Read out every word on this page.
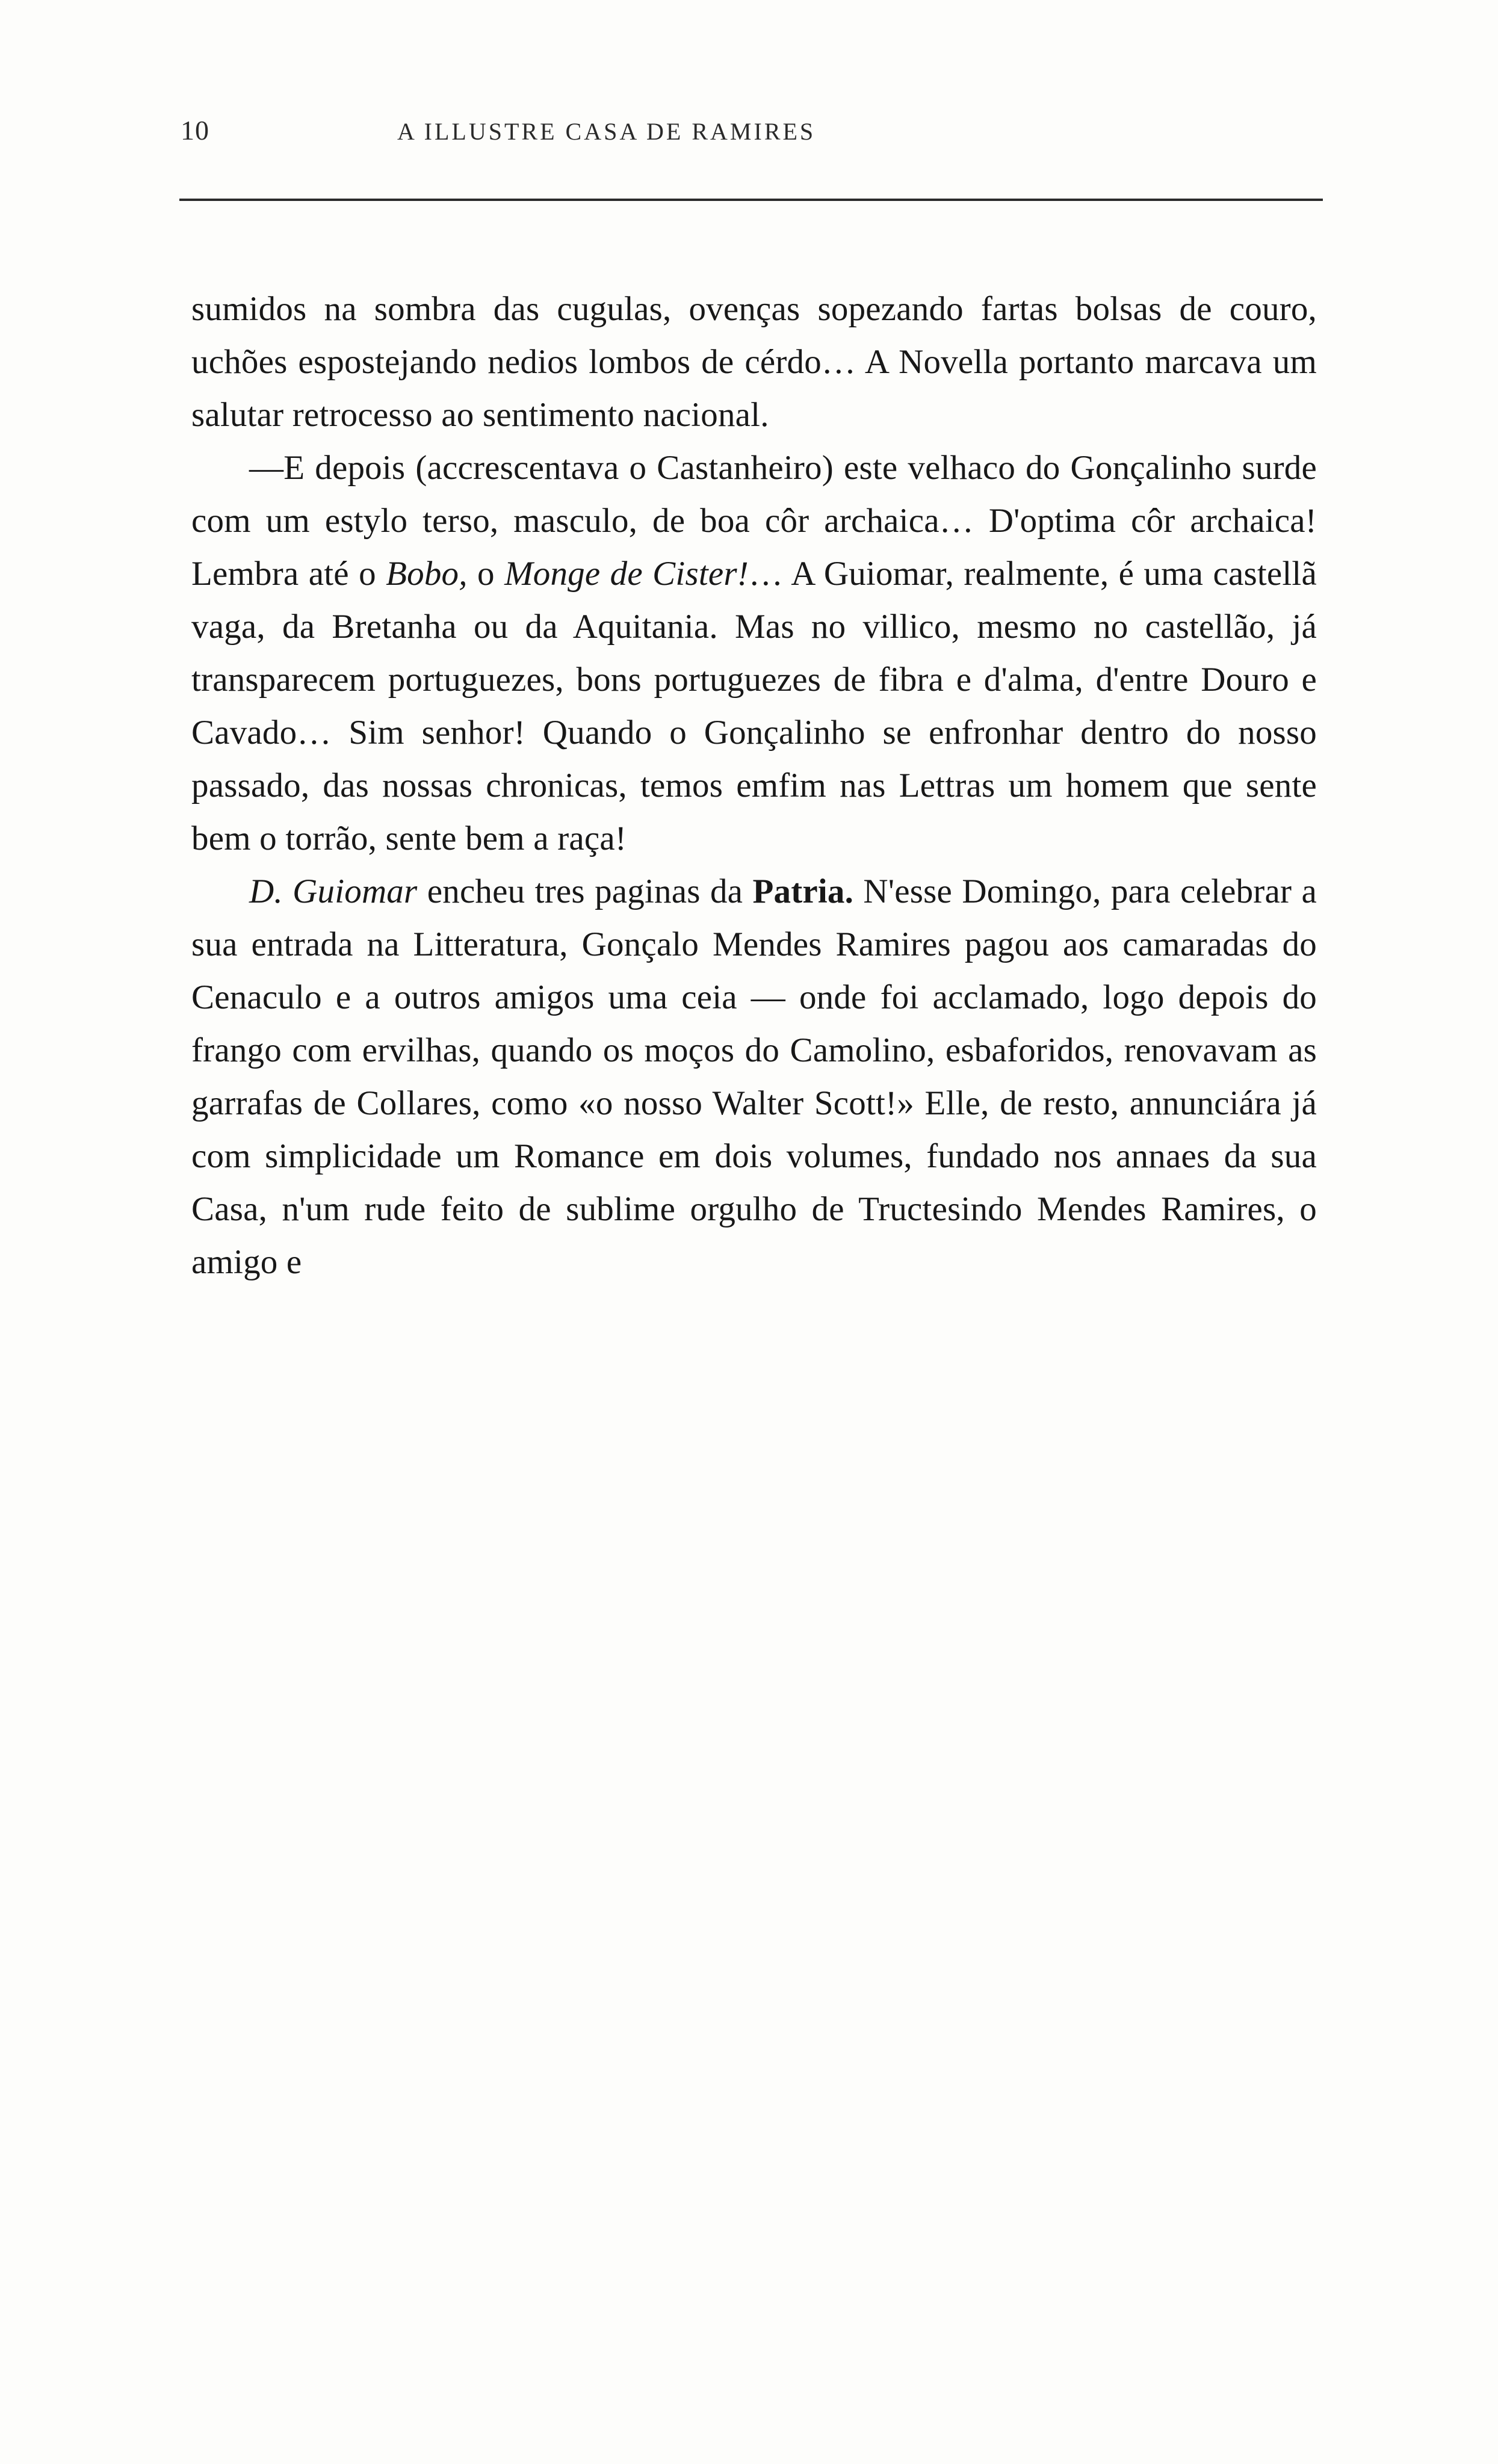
10	A ILLUSTRE CASA DE RAMIRES

sumidos na sombra das cugulas, ovenças sopezando fartas bolsas de couro, uchões espostejando nedios lombos de cérdo… A Novella portanto marcava um salutar retrocesso ao sentimento nacional.

—E depois (accrescentava o Castanheiro) este velhaco do Gonçalinho surde com um estylo terso, masculo, de boa côr archaica… D'optima côr archaica! Lembra até o Bobo, o Monge de Cister!… A Guiomar, realmente, é uma castellã vaga, da Bretanha ou da Aquitania. Mas no villico, mesmo no castellão, já transparecem portuguezes, bons portuguezes de fibra e d'alma, d'entre Douro e Cavado… Sim senhor! Quando o Gonçalinho se enfronhar dentro do nosso passado, das nossas chronicas, temos emfim nas Lettras um homem que sente bem o torrão, sente bem a raça!

D. Guiomar encheu tres paginas da Patria. N'esse Domingo, para celebrar a sua entrada na Litteratura, Gonçalo Mendes Ramires pagou aos camaradas do Cenaculo e a outros amigos uma ceia — onde foi acclamado, logo depois do frango com ervilhas, quando os moços do Camolino, esbaforidos, renovavam as garrafas de Collares, como «o nosso Walter Scott!» Elle, de resto, annunciára já com simplicidade um Romance em dois volumes, fundado nos annaes da sua Casa, n'um rude feito de sublime orgulho de Tructesindo Mendes Ramires, o amigo e
